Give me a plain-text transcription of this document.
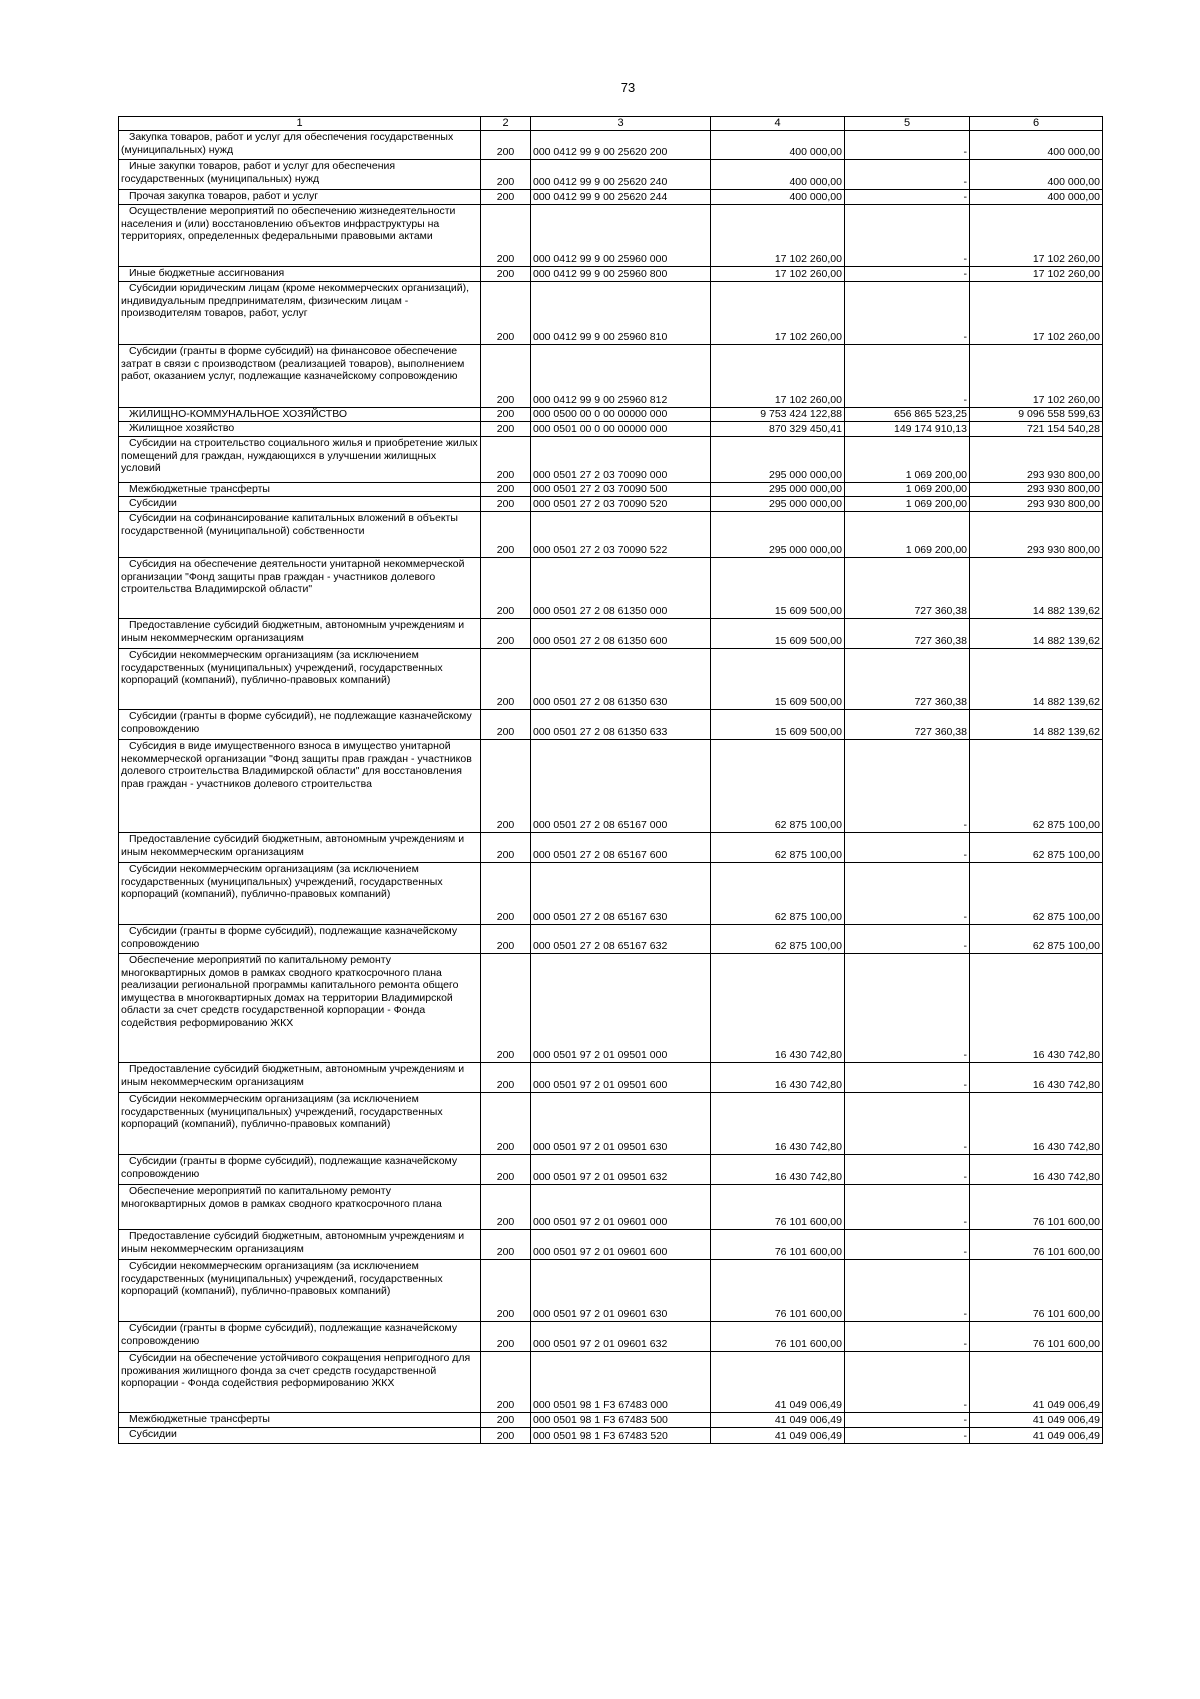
73
1	2	3	4	5	6

Закупка товаров, работ и услуг для обеспечения государственных (муниципальных) нужд	200	000 0412 99 9 00 25620 200	400 000,00	-	400 000,00

Иные закупки товаров, работ и услуг для обеспечения государственных (муниципальных) нужд	200	000 0412 99 9 00 25620 240	400 000,00	-	400 000,00

Прочая закупка товаров, работ и услуг	200	000 0412 99 9 00 25620 244	400 000,00	-	400 000,00

Осуществление мероприятий по обеспечению жизнедеятельности населения и (или) восстановлению объектов инфраструктуры на территориях, определенных федеральными правовыми актами	200	000 0412 99 9 00 25960 000	17 102 260,00	-	17 102 260,00

Иные бюджетные ассигнования	200	000 0412 99 9 00 25960 800	17 102 260,00	-	17 102 260,00

Субсидии юридическим лицам (кроме некоммерческих организаций), индивидуальным предпринимателям, физическим лицам - производителям товаров, работ, услуг	200	000 0412 99 9 00 25960 810	17 102 260,00	-	17 102 260,00

Субсидии (гранты в форме субсидий) на финансовое обеспечение затрат в связи с производством (реализацией товаров), выполнением работ, оказанием услуг, подлежащие казначейскому сопровождению	200	000 0412 99 9 00 25960 812	17 102 260,00	-	17 102 260,00

ЖИЛИЩНО-КОММУНАЛЬНОЕ ХОЗЯЙСТВО	200	000 0500 00 0 00 00000 000	9 753 424 122,88	656 865 523,25	9 096 558 599,63

Жилищное хозяйство	200	000 0501 00 0 00 00000 000	870 329 450,41	149 174 910,13	721 154 540,28

Субсидии на строительство социального жилья и приобретение жилых помещений для граждан, нуждающихся в улучшении жилищных условий	200	000 0501 27 2 03 70090 000	295 000 000,00	1 069 200,00	293 930 800,00

Межбюджетные трансферты	200	000 0501 27 2 03 70090 500	295 000 000,00	1 069 200,00	293 930 800,00

Субсидии	200	000 0501 27 2 03 70090 520	295 000 000,00	1 069 200,00	293 930 800,00

Субсидии на софинансирование капитальных вложений в объекты государственной (муниципальной) собственности	200	000 0501 27 2 03 70090 522	295 000 000,00	1 069 200,00	293 930 800,00

Субсидия на обеспечение деятельности унитарной некоммерческой организации "Фонд защиты прав граждан - участников долевого строительства Владимирской области"	200	000 0501 27 2 08 61350 000	15 609 500,00	727 360,38	14 882 139,62

Предоставление субсидий бюджетным, автономным учреждениям и иным некоммерческим организациям	200	000 0501 27 2 08 61350 600	15 609 500,00	727 360,38	14 882 139,62

Субсидии некоммерческим организациям (за исключением государственных (муниципальных) учреждений, государственных корпораций (компаний), публично-правовых компаний)	200	000 0501 27 2 08 61350 630	15 609 500,00	727 360,38	14 882 139,62

Субсидии (гранты в форме субсидий), не подлежащие казначейскому сопровождению	200	000 0501 27 2 08 61350 633	15 609 500,00	727 360,38	14 882 139,62

Субсидия в виде имущественного взноса в имущество унитарной некоммерческой организации "Фонд защиты прав граждан - участников долевого строительства Владимирской области" для восстановления прав граждан - участников долевого строительства	200	000 0501 27 2 08 65167 000	62 875 100,00	-	62 875 100,00

Предоставление субсидий бюджетным, автономным учреждениям и иным некоммерческим организациям	200	000 0501 27 2 08 65167 600	62 875 100,00	-	62 875 100,00

Субсидии некоммерческим организациям (за исключением государственных (муниципальных) учреждений, государственных корпораций (компаний), публично-правовых компаний)	200	000 0501 27 2 08 65167 630	62 875 100,00	-	62 875 100,00

Субсидии (гранты в форме субсидий), подлежащие казначейскому сопровождению	200	000 0501 27 2 08 65167 632	62 875 100,00	-	62 875 100,00

Обеспечение мероприятий по капитальному ремонту многоквартирных домов в рамках сводного краткосрочного плана реализации региональной программы капитального ремонта общего имущества в многоквартирных домах на территории Владимирской области за счет средств государственной корпорации - Фонда содействия реформированию ЖКХ	200	000 0501 97 2 01 09501 000	16 430 742,80	-	16 430 742,80

Предоставление субсидий бюджетным, автономным учреждениям и иным некоммерческим организациям	200	000 0501 97 2 01 09501 600	16 430 742,80	-	16 430 742,80

Субсидии некоммерческим организациям (за исключением государственных (муниципальных) учреждений, государственных корпораций (компаний), публично-правовых компаний)	200	000 0501 97 2 01 09501 630	16 430 742,80	-	16 430 742,80

Субсидии (гранты в форме субсидий), подлежащие казначейскому сопровождению	200	000 0501 97 2 01 09501 632	16 430 742,80	-	16 430 742,80

Обеспечение мероприятий по капитальному ремонту многоквартирных домов в рамках сводного краткосрочного плана	200	000 0501 97 2 01 09601 000	76 101 600,00	-	76 101 600,00

Предоставление субсидий бюджетным, автономным учреждениям и иным некоммерческим организациям	200	000 0501 97 2 01 09601 600	76 101 600,00	-	76 101 600,00

Субсидии некоммерческим организациям (за исключением государственных (муниципальных) учреждений, государственных корпораций (компаний), публично-правовых компаний)	200	000 0501 97 2 01 09601 630	76 101 600,00	-	76 101 600,00

Субсидии (гранты в форме субсидий), подлежащие казначейскому сопровождению	200	000 0501 97 2 01 09601 632	76 101 600,00	-	76 101 600,00

Субсидии на обеспечение устойчивого сокращения непригодного для проживания жилищного фонда за счет средств государственной корпорации - Фонда содействия реформированию ЖКХ	200	000 0501 98 1 F3 67483 000	41 049 006,49	-	41 049 006,49

Межбюджетные трансферты	200	000 0501 98 1 F3 67483 500	41 049 006,49	-	41 049 006,49

Субсидии	200	000 0501 98 1 F3 67483 520	41 049 006,49	-	41 049 006,49
